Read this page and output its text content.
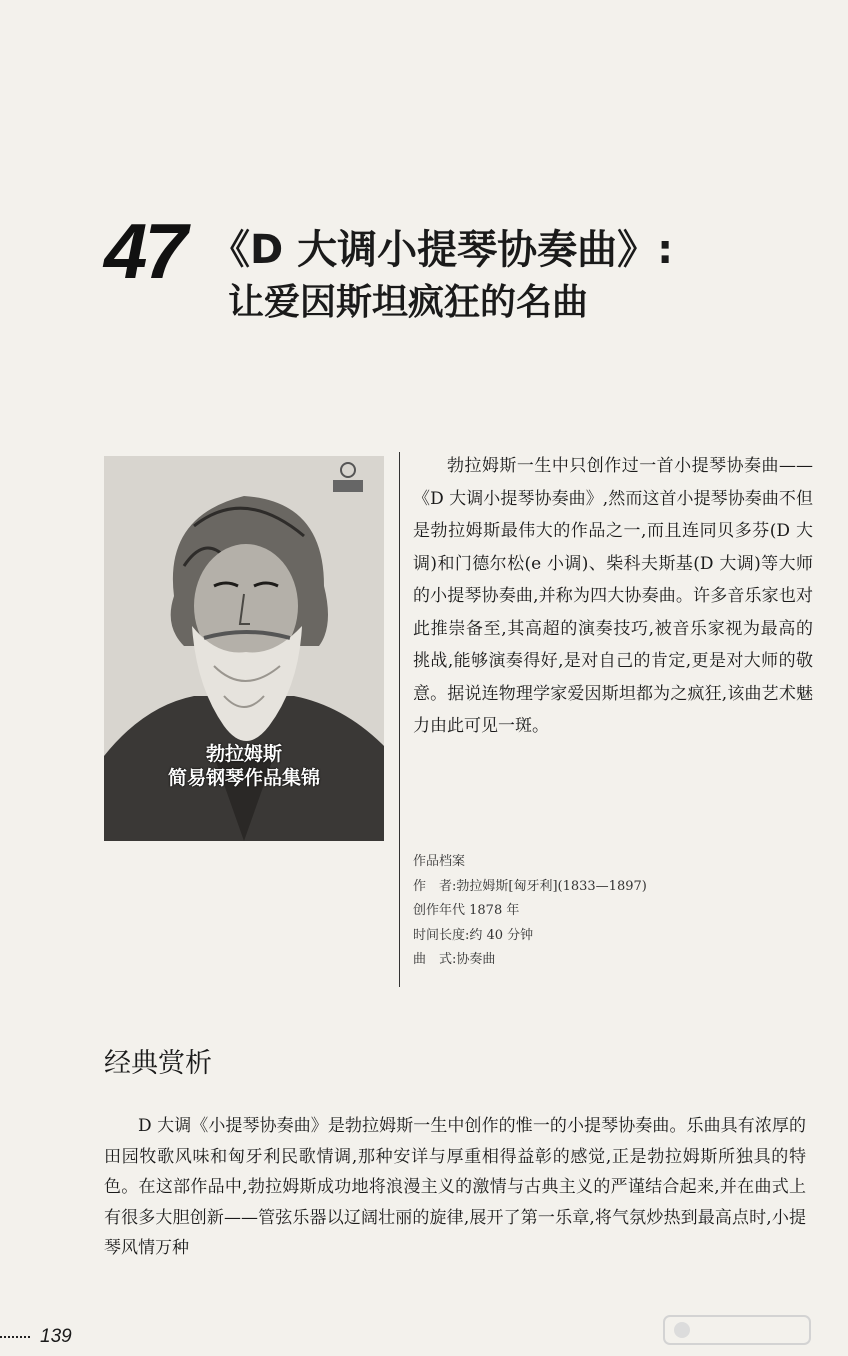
47 《D 大调小提琴协奏曲》:
让爱因斯坦疯狂的名曲
勃拉姆斯
简易钢琴作品集锦

勃拉姆斯一生中只创作过一首小提琴协奏曲——《D 大调小提琴协奏曲》,然而这首小提琴协奏曲不但是勃拉姆斯最伟大的作品之一,而且连同贝多芬(D 大调)和门德尔松(e 小调)、柴科夫斯基(D 大调)等大师的小提琴协奏曲,并称为四大协奏曲。许多音乐家也对此推崇备至,其高超的演奏技巧,被音乐家视为最高的挑战,能够演奏得好,是对自己的肯定,更是对大师的敬意。据说连物理学家爱因斯坦都为之疯狂,该曲艺术魅力由此可见一斑。

作品档案
作　者:勃拉姆斯[匈牙利](1833—1897)
创作年代 1878 年
时间长度:约 40 分钟
曲　式:协奏曲
经典赏析

D 大调《小提琴协奏曲》是勃拉姆斯一生中创作的惟一的小提琴协奏曲。乐曲具有浓厚的田园牧歌风味和匈牙利民歌情调,那种安详与厚重相得益彰的感觉,正是勃拉姆斯所独具的特色。在这部作品中,勃拉姆斯成功地将浪漫主义的激情与古典主义的严谨结合起来,并在曲式上有很多大胆创新——管弦乐器以辽阔壮丽的旋律,展开了第一乐章,将气氛炒热到最高点时,小提琴风情万种

139
